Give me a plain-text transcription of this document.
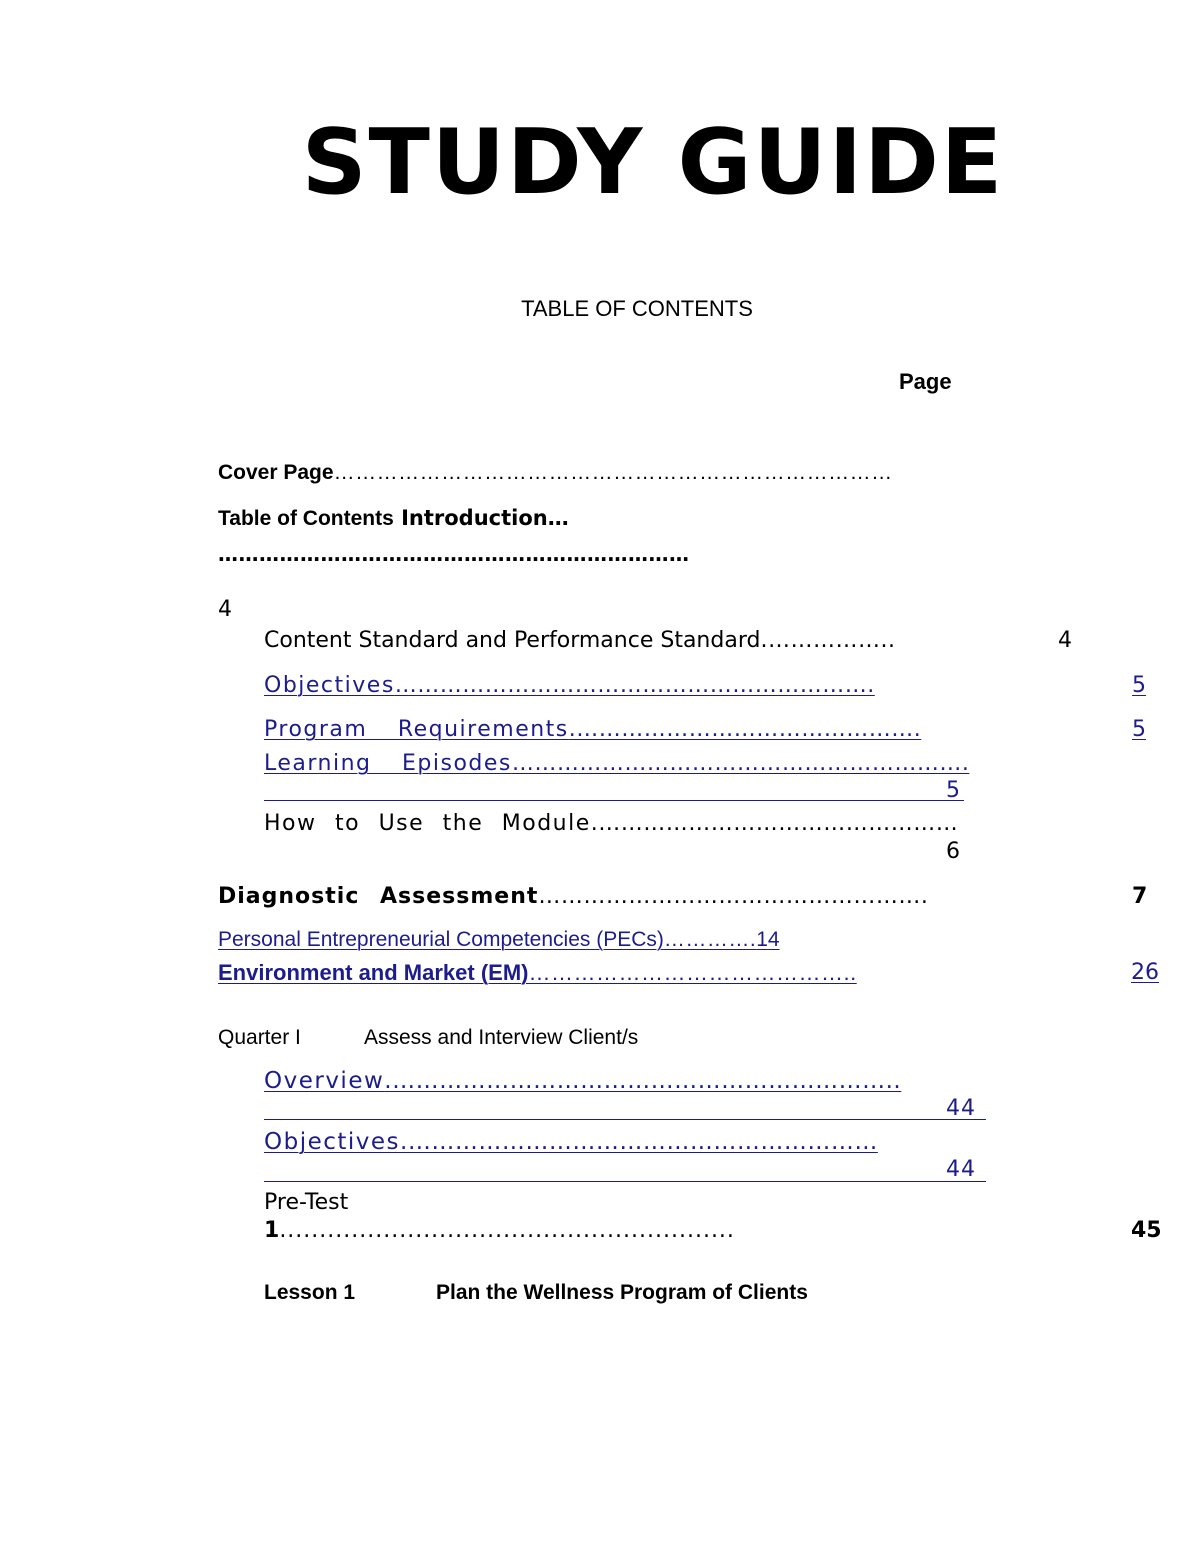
STUDY GUIDE
TABLE OF CONTENTS
Page
Cover Page……………………………………………………………………
Table of Contents Introduction…
……………………………………………………………
4
Content Standard and Performance Standard.……………..	4
Objectives……………………………………………………….	5
Program Requirements.……………………………………….	5
Learning Episodes…………………………………………………….
5
How to Use the Module.…………………………………………
6
Diagnostic Assessment…………………………………………….	7
Personal Entrepreneurial Competencies (PECs)………….14
Environment and Market (EM)……………………………………..	26
Quarter I	Assess and Interview Client/s
Overview.………………………………………………………..
44
Objectives.……………………………………………………
44
Pre-Test
1.........................................................	45
Lesson 1	Plan the Wellness Program of Clients
